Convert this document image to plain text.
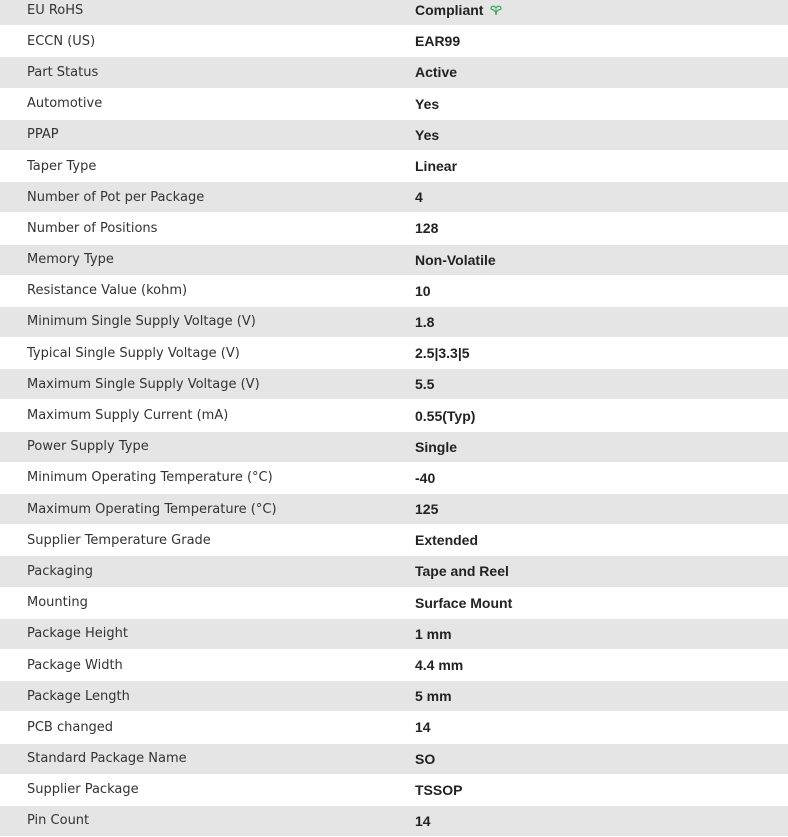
EU RoHS	Compliant
ECCN (US)	EAR99
Part Status	Active
Automotive	Yes
PPAP	Yes
Taper Type	Linear
Number of Pot per Package	4
Number of Positions	128
Memory Type	Non-Volatile
Resistance Value (kohm)	10
Minimum Single Supply Voltage (V)	1.8
Typical Single Supply Voltage (V)	2.5|3.3|5
Maximum Single Supply Voltage (V)	5.5
Maximum Supply Current (mA)	0.55(Typ)
Power Supply Type	Single
Minimum Operating Temperature (°C)	-40
Maximum Operating Temperature (°C)	125
Supplier Temperature Grade	Extended
Packaging	Tape and Reel
Mounting	Surface Mount
Package Height	1 mm
Package Width	4.4 mm
Package Length	5 mm
PCB changed	14
Standard Package Name	SO
Supplier Package	TSSOP
Pin Count	14
